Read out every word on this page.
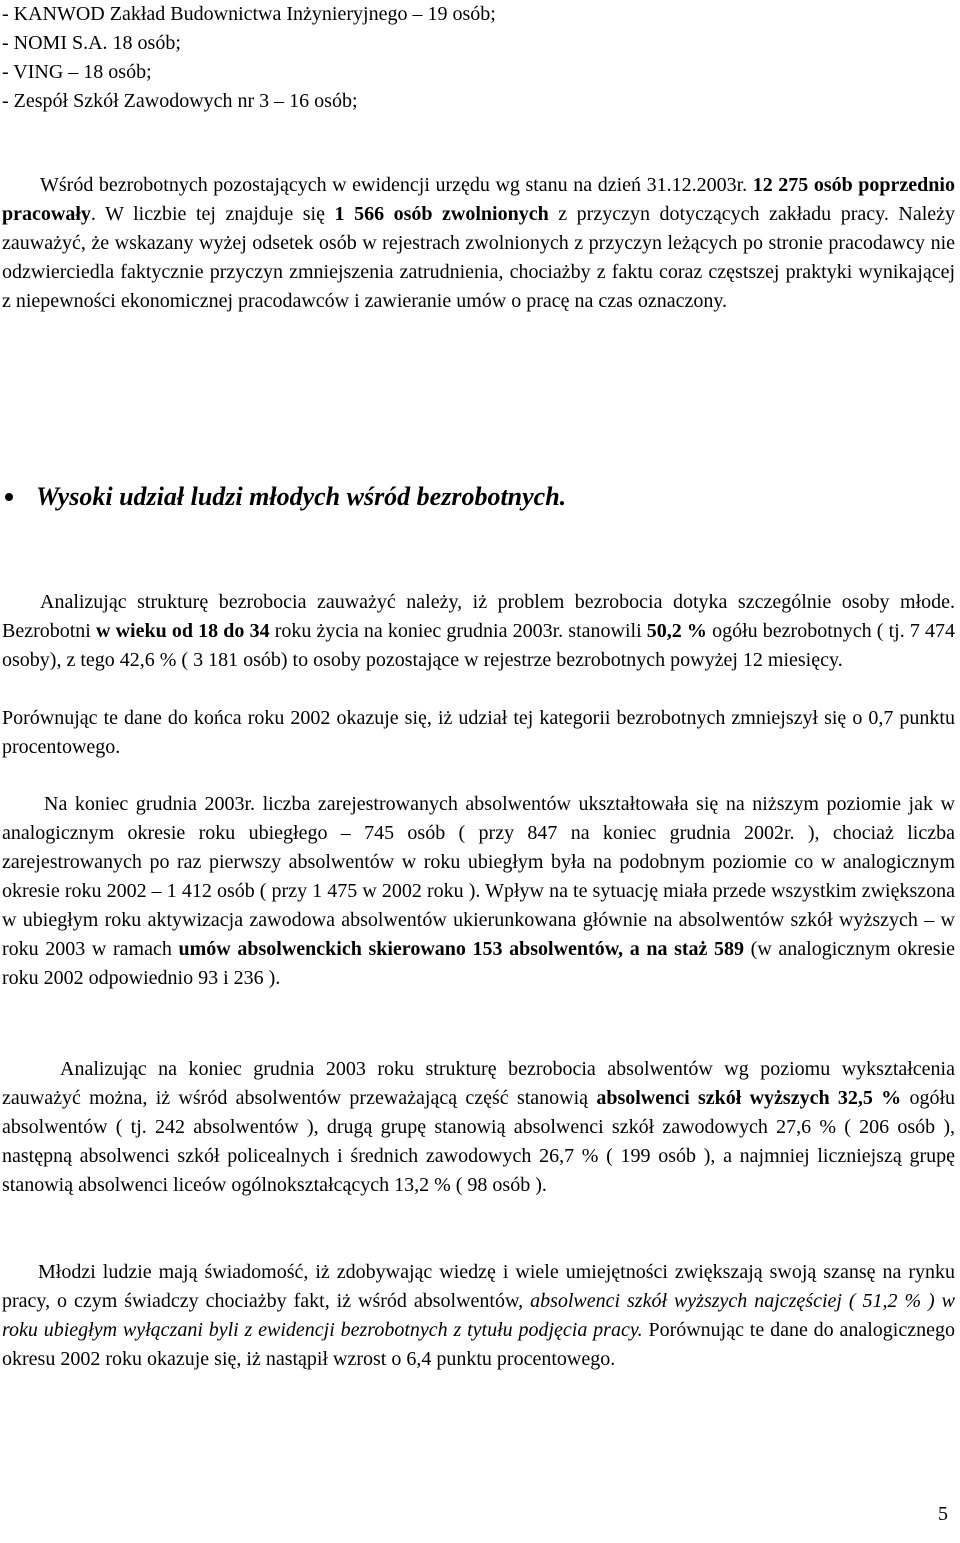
- KANWOD Zakład Budownictwa Inżynieryjnego – 19 osób;
- NOMI S.A. 18 osób;
- VING – 18 osób;
- Zespół Szkół Zawodowych nr 3 – 16 osób;

Wśród bezrobotnych pozostających w ewidencji urzędu wg stanu na dzień 31.12.2003r. 12 275 osób poprzednio pracowały. W liczbie tej znajduje się 1 566 osób zwolnionych z przyczyn dotyczących zakładu pracy. Należy zauważyć, że wskazany wyżej odsetek osób w rejestrach zwolnionych z przyczyn leżących po stronie pracodawcy nie odzwierciedla faktycznie przyczyn zmniejszenia zatrudnienia, chociażby z faktu coraz częstszej praktyki wynikającej z niepewności ekonomicznej pracodawców i zawieranie umów o pracę na czas oznaczony.

Wysoki udział ludzi młodych wśród bezrobotnych.

Analizując strukturę bezrobocia zauważyć należy, iż problem bezrobocia dotyka szczególnie osoby młode. Bezrobotni w wieku od 18 do 34 roku życia na koniec grudnia 2003r. stanowili 50,2 % ogółu bezrobotnych ( tj. 7 474 osoby), z tego 42,6 % ( 3 181 osób) to osoby pozostające w rejestrze bezrobotnych powyżej 12 miesięcy.

Porównując te dane do końca roku 2002 okazuje się, iż udział tej kategorii bezrobotnych zmniejszył się o 0,7 punktu procentowego.

Na koniec grudnia 2003r. liczba zarejestrowanych absolwentów ukształtowała się na niższym poziomie jak w analogicznym okresie roku ubiegłego – 745 osób ( przy 847 na koniec grudnia 2002r. ), chociaż liczba zarejestrowanych po raz pierwszy absolwentów w roku ubiegłym była na podobnym poziomie co w analogicznym okresie roku 2002 – 1 412 osób ( przy 1 475 w 2002 roku ). Wpływ na te sytuację miała przede wszystkim zwiększona w ubiegłym roku aktywizacja zawodowa absolwentów ukierunkowana głównie na absolwentów szkół wyższych – w roku 2003 w ramach umów absolwenckich skierowano 153 absolwentów, a na staż 589 (w analogicznym okresie roku 2002 odpowiednio 93 i 236 ).

Analizując na koniec grudnia 2003 roku strukturę bezrobocia absolwentów wg poziomu wykształcenia zauważyć można, iż wśród absolwentów przeważającą część stanowią absolwenci szkół wyższych 32,5 % ogółu absolwentów ( tj. 242 absolwentów ), drugą grupę stanowią absolwenci szkół zawodowych 27,6 % ( 206 osób ), następną absolwenci szkół policealnych i średnich zawodowych 26,7 % ( 199 osób ), a najmniej liczniejszą grupę stanowią absolwenci liceów ogólnokształcących 13,2 % ( 98 osób ).

Młodzi ludzie mają świadomość, iż zdobywając wiedzę i wiele umiejętności zwiększają swoją szansę na rynku pracy, o czym świadczy chociażby fakt, iż wśród absolwentów, absolwenci szkół wyższych najczęściej ( 51,2 % ) w roku ubiegłym wyłączani byli z ewidencji bezrobotnych z tytułu podjęcia pracy. Porównując te dane do analogicznego okresu 2002 roku okazuje się, iż nastąpił wzrost o 6,4 punktu procentowego.

5
